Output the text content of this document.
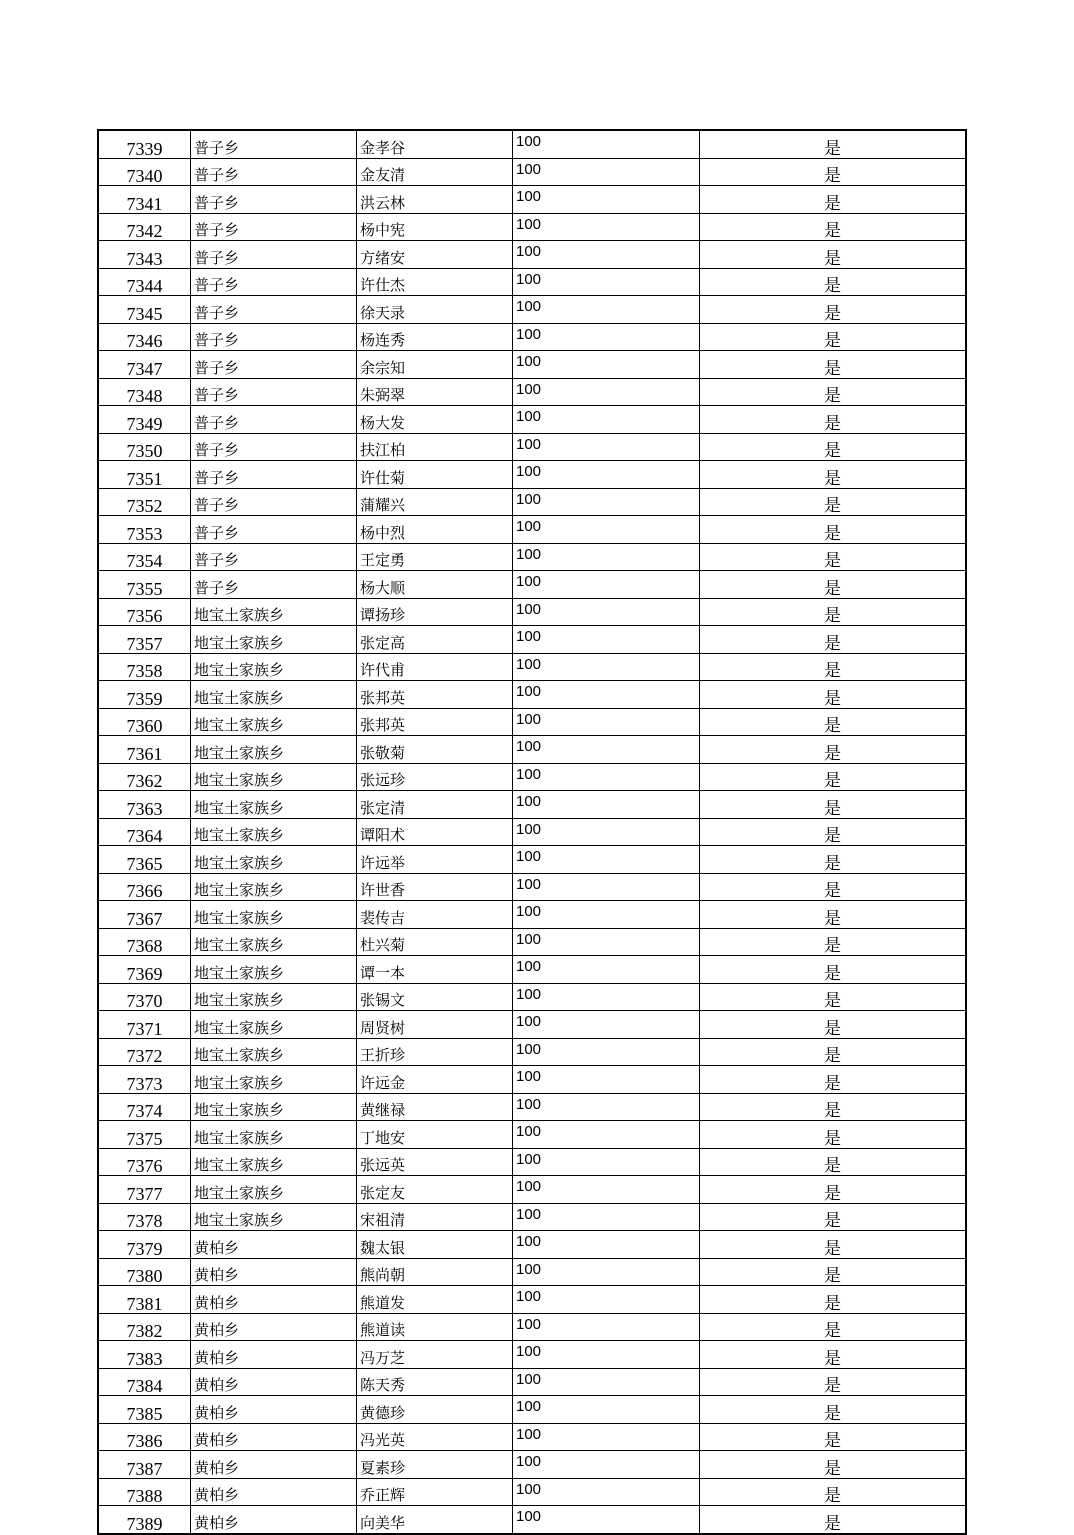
7339	普子乡	金孝谷	100	是
7340	普子乡	金友清	100	是
7341	普子乡	洪云林	100	是
7342	普子乡	杨中宪	100	是
7343	普子乡	方绪安	100	是
7344	普子乡	许仕杰	100	是
7345	普子乡	徐天录	100	是
7346	普子乡	杨连秀	100	是
7347	普子乡	余宗知	100	是
7348	普子乡	朱弼翠	100	是
7349	普子乡	杨大发	100	是
7350	普子乡	扶江柏	100	是
7351	普子乡	许仕菊	100	是
7352	普子乡	蒲耀兴	100	是
7353	普子乡	杨中烈	100	是
7354	普子乡	王定勇	100	是
7355	普子乡	杨大顺	100	是
7356	地宝土家族乡	谭扬珍	100	是
7357	地宝土家族乡	张定高	100	是
7358	地宝土家族乡	许代甫	100	是
7359	地宝土家族乡	张邦英	100	是
7360	地宝土家族乡	张邦英	100	是
7361	地宝土家族乡	张敬菊	100	是
7362	地宝土家族乡	张远珍	100	是
7363	地宝土家族乡	张定清	100	是
7364	地宝土家族乡	谭阳术	100	是
7365	地宝土家族乡	许远举	100	是
7366	地宝土家族乡	许世香	100	是
7367	地宝土家族乡	裴传吉	100	是
7368	地宝土家族乡	杜兴菊	100	是
7369	地宝土家族乡	谭一本	100	是
7370	地宝土家族乡	张锡文	100	是
7371	地宝土家族乡	周贤树	100	是
7372	地宝土家族乡	王折珍	100	是
7373	地宝土家族乡	许远金	100	是
7374	地宝土家族乡	黄继禄	100	是
7375	地宝土家族乡	丁地安	100	是
7376	地宝土家族乡	张远英	100	是
7377	地宝土家族乡	张定友	100	是
7378	地宝土家族乡	宋祖清	100	是
7379	黄柏乡	魏太银	100	是
7380	黄柏乡	熊尚朝	100	是
7381	黄柏乡	熊道发	100	是
7382	黄柏乡	熊道读	100	是
7383	黄柏乡	冯万芝	100	是
7384	黄柏乡	陈天秀	100	是
7385	黄柏乡	黄德珍	100	是
7386	黄柏乡	冯光英	100	是
7387	黄柏乡	夏素珍	100	是
7388	黄柏乡	乔正辉	100	是
7389	黄柏乡	向美华	100	是
